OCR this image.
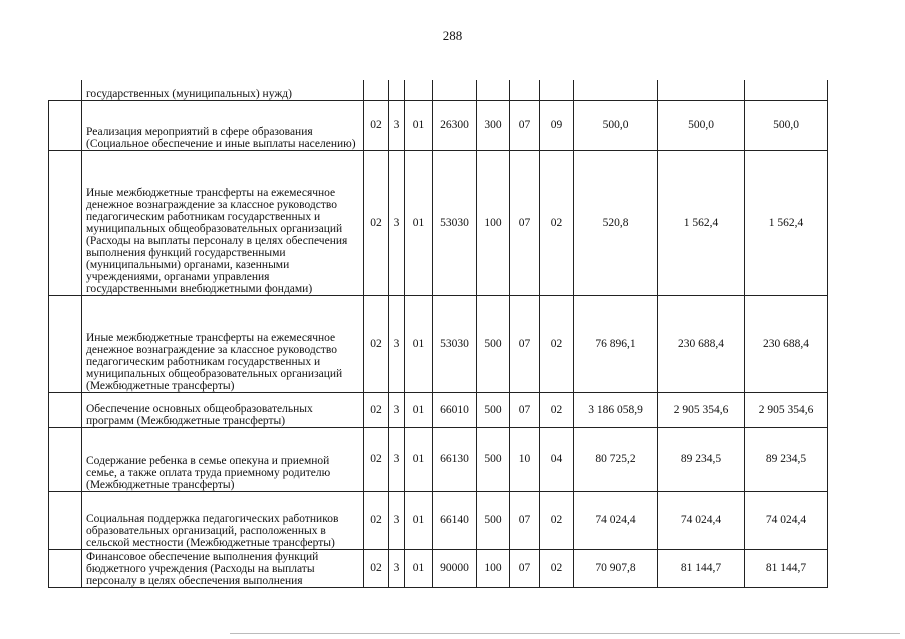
288
	государственных (муниципальных) нужд)										
	Реализация мероприятий в сфере образования (Социальное обеспечение и иные выплаты населению)	02	3	01	26300	300	07	09	500,0	500,0	500,0
	Иные межбюджетные трансферты на ежемесячное денежное вознаграждение за классное руководство педагогическим работникам государственных и муниципальных общеобразовательных организаций (Расходы на выплаты персоналу в целях обеспечения выполнения функций государственными (муниципальными) органами, казенными учреждениями, органами управления государственными внебюджетными фондами)	02	3	01	53030	100	07	02	520,8	1 562,4	1 562,4
	Иные межбюджетные трансферты на ежемесячное денежное вознаграждение за классное руководство педагогическим работникам государственных и муниципальных общеобразовательных организаций (Межбюджетные трансферты)	02	3	01	53030	500	07	02	76 896,1	230 688,4	230 688,4
	Обеспечение основных общеобразовательных программ (Межбюджетные трансферты)	02	3	01	66010	500	07	02	3 186 058,9	2 905 354,6	2 905 354,6
	Содержание ребенка в семье опекуна и приемной семье, а также оплата труда приемному родителю (Межбюджетные трансферты)	02	3	01	66130	500	10	04	80 725,2	89 234,5	89 234,5
	Социальная поддержка педагогических работников образовательных организаций, расположенных в сельской местности (Межбюджетные трансферты)	02	3	01	66140	500	07	02	74 024,4	74 024,4	74 024,4
	Финансовое обеспечение выполнения функций бюджетного учреждения (Расходы на выплаты персоналу в целях обеспечения выполнения	02	3	01	90000	100	07	02	70 907,8	81 144,7	81 144,7
